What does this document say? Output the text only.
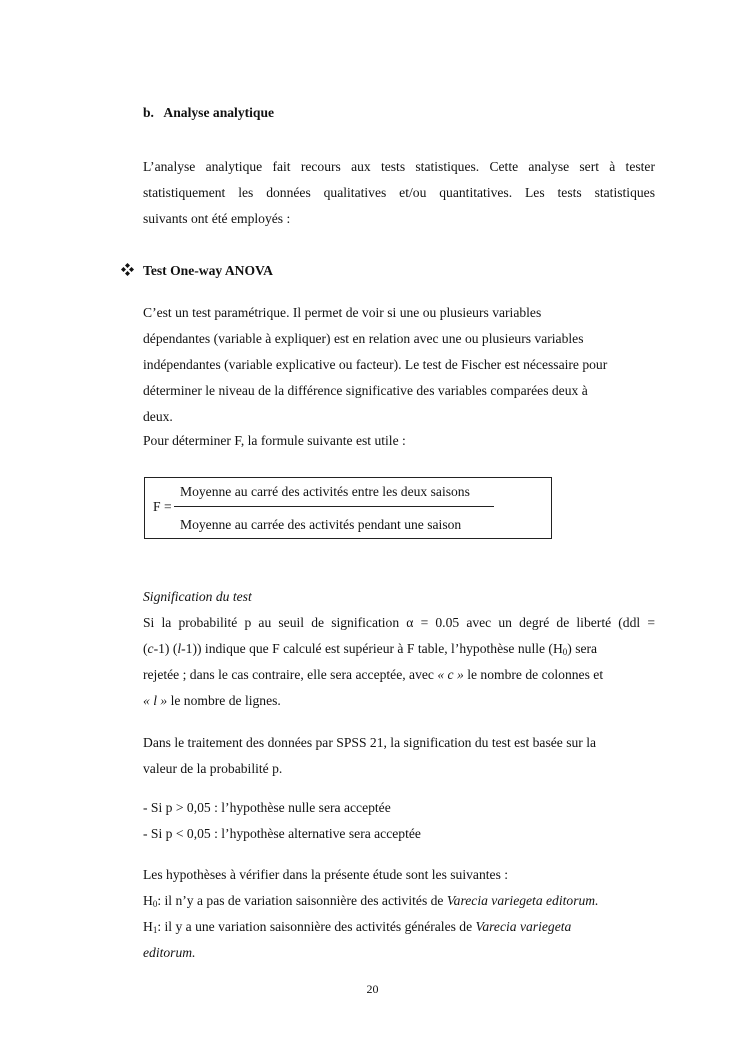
b. Analyse analytique
L’analyse analytique fait recours aux tests statistiques. Cette analyse sert à tester
statistiquement les données qualitatives et/ou quantitatives. Les tests statistiques
suivants ont été employés :
Test One-way ANOVA
C’est un test paramétrique. Il permet de voir si une ou plusieurs variables
dépendantes (variable à expliquer) est en relation avec une ou plusieurs variables
indépendantes (variable explicative ou facteur). Le test de Fischer est nécessaire pour
déterminer le niveau de la différence significative des variables comparées deux à
deux.
Pour déterminer F, la formule suivante est utile :
Moyenne au carré des activités entre les deux saisons
F =
Moyenne au carrée des activités pendant une saison
Signification du test
Si la probabilité p au seuil de signification α = 0.05 avec un degré de liberté (ddl =
(c-1) (l-1)) indique que F calculé est supérieur à F table, l’hypothèse nulle $(H_0)$ sera
rejetée ; dans le cas contraire, elle sera acceptée, avec « c » le nombre de colonnes et
« l » le nombre de lignes.
Dans le traitement des données par SPSS 21, la signification du test est basée sur la
valeur de la probabilité p.
- Si p > 0,05 : l’hypothèse nulle sera acceptée
- Si p < 0,05 : l’hypothèse alternative sera acceptée
Les hypothèses à vérifier dans la présente étude sont les suivantes :
$H_0$: il n’y a pas de variation saisonnière des activités de Varecia variegeta editorum.
$H_1$: il y a une variation saisonnière des activités générales de Varecia variegeta
editorum.
20
